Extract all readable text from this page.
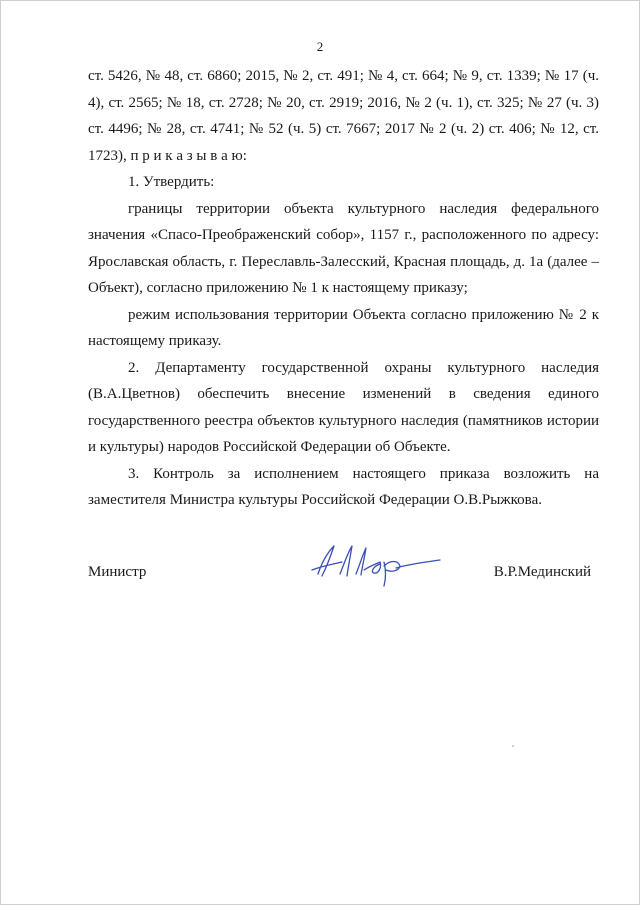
2

ст. 5426, № 48, ст. 6860; 2015, № 2, ст. 491; № 4, ст. 664; № 9, ст. 1339; № 17 (ч. 4), ст. 2565; № 18, ст. 2728; № 20, ст. 2919; 2016, № 2 (ч. 1), ст. 325; № 27 (ч. 3) ст. 4496; № 28, ст. 4741; № 52 (ч. 5) ст. 7667; 2017 № 2 (ч. 2) ст. 406; № 12, ст. 1723), п р и к а з ы в а ю:

1. Утвердить:

границы территории объекта культурного наследия федерального значения «Спасо-Преображенский собор», 1157 г., расположенного по адресу: Ярославская область, г. Переславль-Залесский, Красная площадь, д. 1а (далее – Объект), согласно приложению № 1 к настоящему приказу;

режим использования территории Объекта согласно приложению № 2 к настоящему приказу.

2. Департаменту государственной охраны культурного наследия (В.А.Цветнов) обеспечить внесение изменений в сведения единого государственного реестра объектов культурного наследия (памятников истории и культуры) народов Российской Федерации об Объекте.

3. Контроль за исполнением настоящего приказа возложить на заместителя Министра культуры Российской Федерации О.В.Рыжкова.

Министр	В.Р.Мединский
